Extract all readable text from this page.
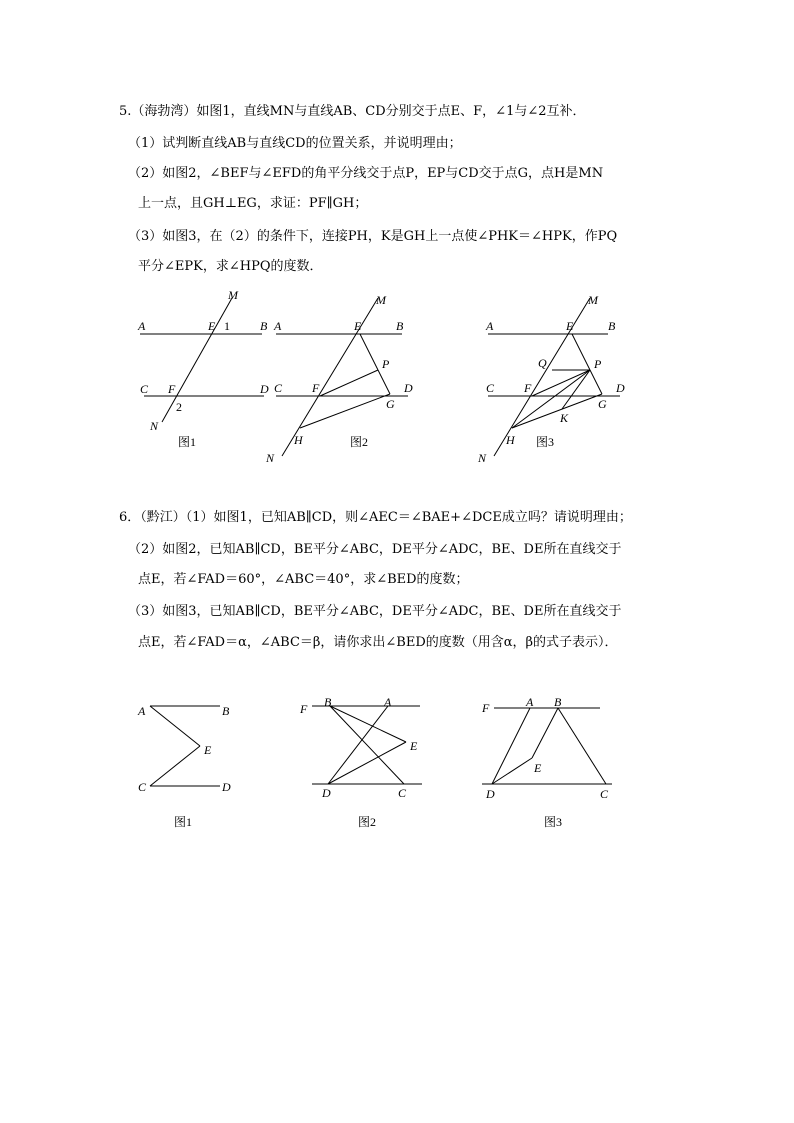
5.（海勃湾）如图1，直线MN与直线AB、CD分别交于点E、F，∠1与∠2互补．
（1）试判断直线AB与直线CD的位置关系，并说明理由；
（2）如图2，∠BEF与∠EFD的角平分线交于点P，EP与CD交于点G，点H是MN
上一点，且GH⊥EG，求证：PF∥GH；
（3）如图3，在（2）的条件下，连接PH，K是GH上一点使∠PHK＝∠HPK，作PQ
平分∠EPK，求∠HPQ的度数．
A	E 1	B
M
C F	D
2
N
图1
M
A	E	B
P
C F	D
G
H
N
图2
M
A	E	B
Q	P
C F	D
G
K
H
N
图3
6．（黔江）（1）如图1，已知AB∥CD，则∠AEC＝∠BAE+∠DCE成立吗？请说明理由；
（2）如图2，已知AB∥CD，BE平分∠ABC，DE平分∠ADC，BE、DE所在直线交于
点E，若∠FAD＝60°，∠ABC＝40°，求∠BED的度数；
（3）如图3，已知AB∥CD，BE平分∠ABC，DE平分∠ADC，BE、DE所在直线交于
点E，若∠FAD＝α，∠ABC＝β，请你求出∠BED的度数（用含α，β的式子表示）．
A	B
E
C	D
图1
F B	A
E
D	C
图2
F	A B
E
D	C
图3
